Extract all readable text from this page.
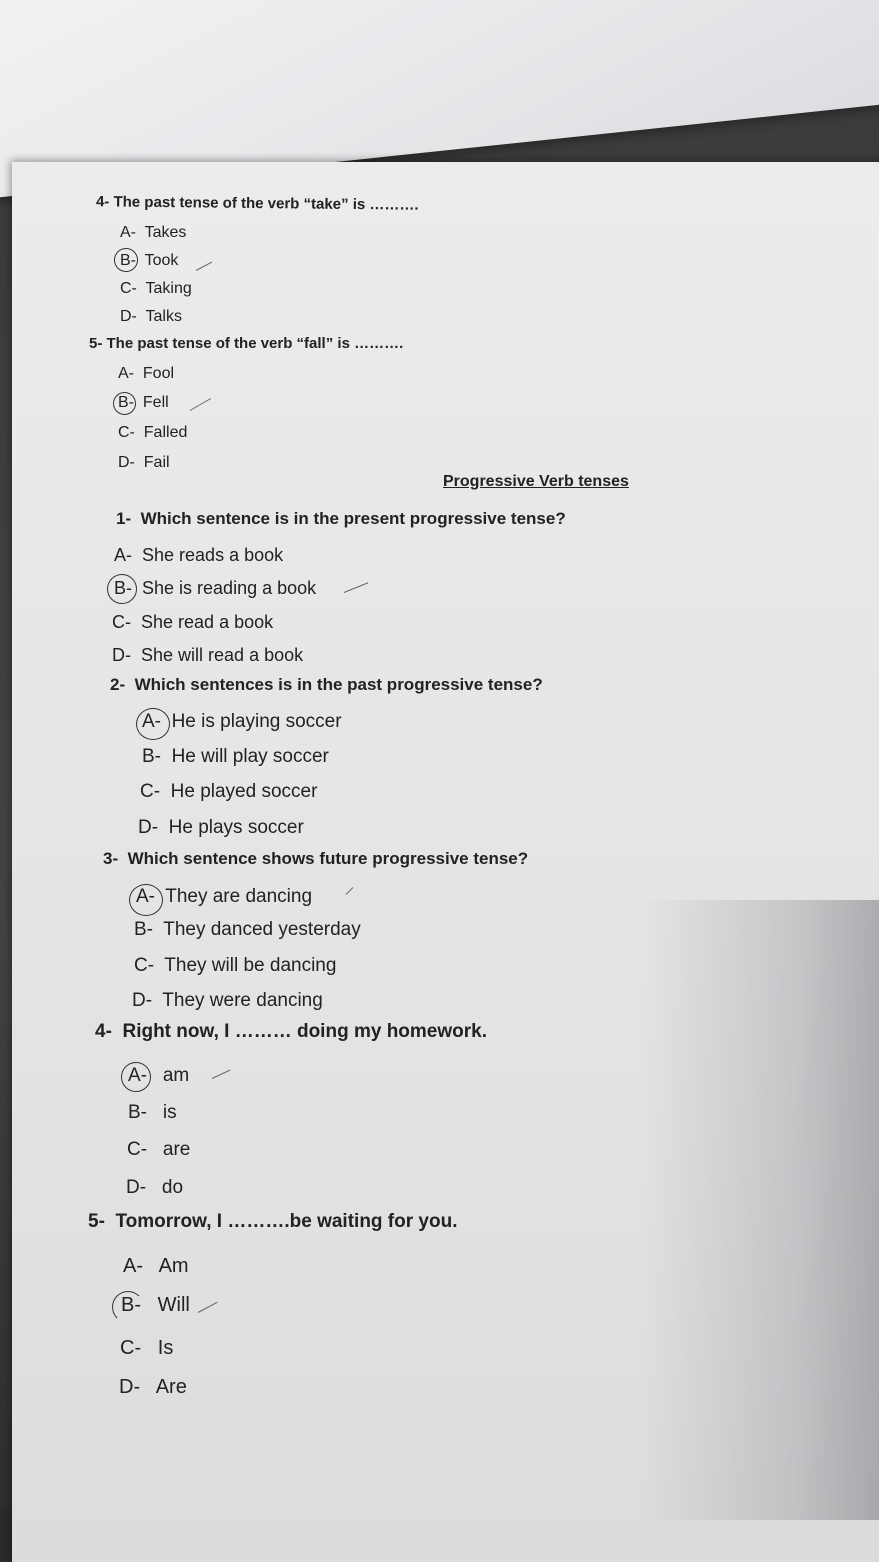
4- The past tense of the verb “take” is ……….
A- Takes
B- Took
C- Taking
D- Talks
5- The past tense of the verb “fall” is ……….
A- Fool
B- Fell
C- Falled
D- Fail
Progressive Verb tenses
1- Which sentence is in the present progressive tense?
A- She reads a book
B- She is reading a book
C- She read a book
D- She will read a book
2- Which sentences is in the past progressive tense?
A- He is playing soccer
B- He will play soccer
C- He played soccer
D- He plays soccer
3- Which sentence shows future progressive tense?
A- They are dancing
B- They danced yesterday
C- They will be dancing
D- They were dancing
4- Right now, I ……… doing my homework.
A- am
B- is
C- are
D- do
5- Tomorrow, I ……….be waiting for you.
A- Am
B- Will
C- Is
D- Are
